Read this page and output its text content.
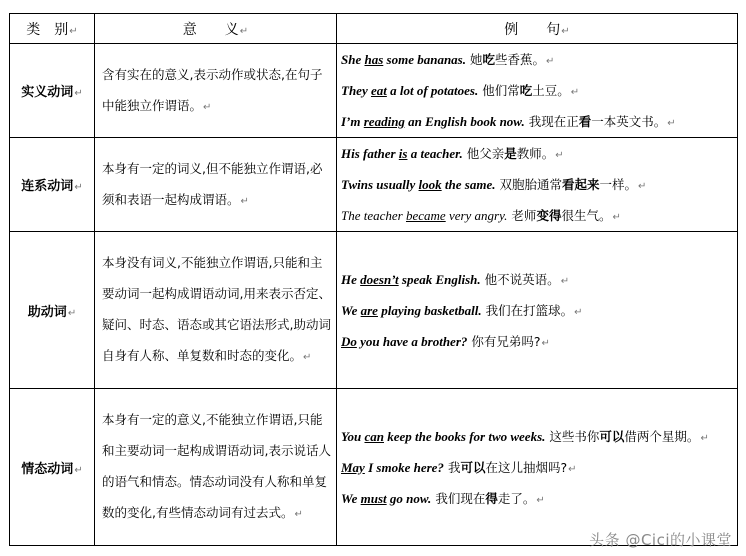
类　别↵	意　　义↵	例　　句↵
实义动词↵	含有实在的意义,表示动作或状态,在句子中能独立作谓语。↵	She has some bananas. 她吃些香蕉。↵
They eat a lot of potatoes. 他们常吃土豆。↵
I’m reading an English book now. 我现在正看一本英文书。↵

连系动词↵	本身有一定的词义,但不能独立作谓语,必须和表语一起构成谓语。↵	His father is a teacher. 他父亲是教师。↵
Twins usually look the same. 双胞胎通常看起来一样。↵
The teacher became very angry. 老师变得很生气。↵

助动词↵	本身没有词义,不能独立作谓语,只能和主要动词一起构成谓语动词,用来表示否定、疑问、时态、语态或其它语法形式,助动词自身有人称、单复数和时态的变化。↵	He doesn’t speak English. 他不说英语。↵
We are playing basketball. 我们在打篮球。↵
Do you have a brother? 你有兄弟吗?↵

情态动词↵	本身有一定的意义,不能独立作谓语,只能和主要动词一起构成谓语动词,表示说话人的语气和情态。情态动词没有人称和单复数的变化,有些情态动词有过去式。↵	You can keep the books for two weeks. 这些书你可以借两个星期。↵
May I smoke here? 我可以在这儿抽烟吗?↵
We must go now. 我们现在得走了。↵
头条 @Cici的小课堂
